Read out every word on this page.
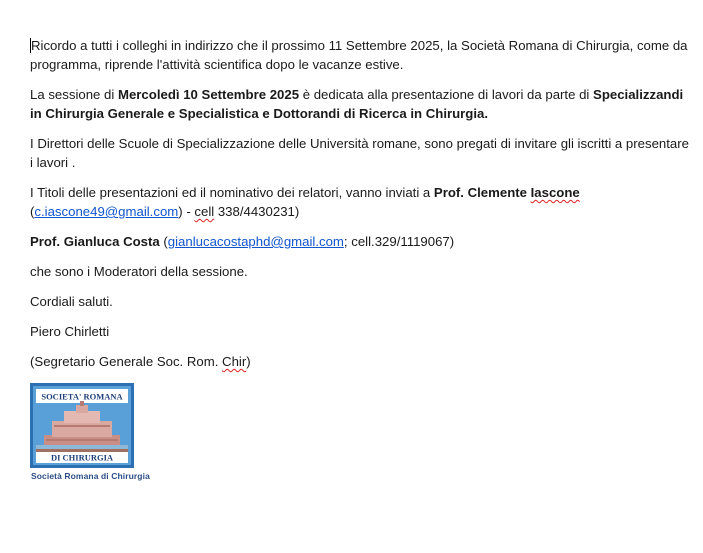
Ricordo a tutti i colleghi in indirizzo che il prossimo 11 Settembre 2025, la Società Romana di Chirurgia, come da programma, riprende l'attività scientifica dopo le vacanze estive.

La sessione di Mercoledì 10 Settembre 2025 è dedicata alla presentazione di lavori da parte di Specializzandi in Chirurgia Generale e Specialistica e Dottorandi di Ricerca in Chirurgia.

I Direttori delle Scuole di Specializzazione delle Università romane, sono pregati di invitare gli iscritti a presentare i lavori .

I Titoli delle presentazioni ed il nominativo dei relatori, vanno inviati a Prof. Clemente Iascone
(c.iascone49@gmail.com) - cell 338/4430231)

Prof. Gianluca Costa (gianlucacostaphd@gmail.com; cell.329/1119067)

che sono i Moderatori della sessione.

Cordiali saluti.

Piero Chirletti

(Segretario Generale Soc. Rom. Chir)

SOCIETA' ROMANA
DI CHIRURGIA
Società Romana di Chirurgia
